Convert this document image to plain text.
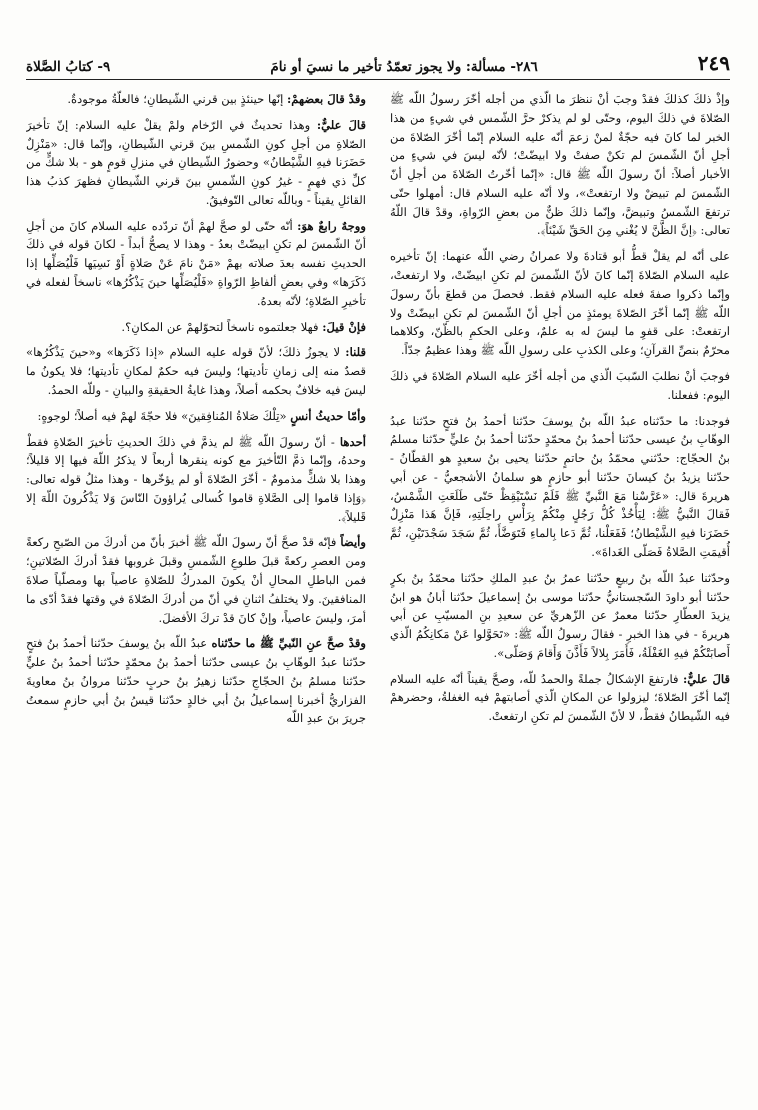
٢٤٩
٢٨٦- مسألة: ولا يجوز تعمّدُ تأخير ما نسيَ أو نامَ
٩- كتابُ الصَّلاة

وإذْ ذلكَ كذلكَ فقدْ وجبَ أنْ ننظرَ ما الّذي من أجله أخّرَ رسولُ اللّه ﷺ الصّلاةَ في ذلكَ اليوم، وحتّى لو لم يذكرْ حرَّ الشّمس في شيءٍ من هذا الخبر لما كانَ فيه حجّةٌ لمنْ زعمَ أنّه عليه السلام إنّما أخّرَ الصّلاةَ من أجلِ أنّ الشّمسَ لم تكنْ صفتْ ولا ابيضّتْ؛ لأنّه ليسَ في شيءٍ من الأخبار أصلاً: أنّ رسولَ اللّه ﷺ قال: «إنّما أخّرتُ الصّلاةَ من أجلِ أنّ الشّمسَ لم تبيضْ ولا ارتفعتْ»، ولا أنّه عليه السلام قال: أمهلوا حتّى ترتفعَ الشّمسُ وتبيضَّ، وإنّما ذلكَ ظنٌّ من بعضِ الرّواةِ، وقدْ قالَ اللّهُ تعالى: ﴿إنَّ الظَّنَّ لا يُغْني مِنَ الحَقِّ شَيْئاً﴾.

على أنّه لم يقلْ قطُّ أبو قتادةَ ولا عمرانُ رضي اللّه عنهما: إنّ تأخيره عليه السلام الصّلاةَ إنّما كانَ لأنّ الشّمسَ لم تكنِ ابيضّتْ، ولا ارتفعتْ، وإنّما ذكروا صفةَ فعله عليه السلام فقط. فحصلَ من قطعَ بأنّ رسولَ اللّه ﷺ إنّما أخّرَ الصّلاةَ يومئذٍ من أجلِ أنّ الشّمسَ لم تكنِ ابيضّتْ ولا ارتفعتْ: على قفوِ ما ليسَ له به علمٌ، وعلى الحكمِ بالظّنّ، وكلاهما محرّمٌ بنصِّ القرآنِ؛ وعلى الكذبِ على رسولِ اللّه ﷺ وهذا عظيمٌ جدّاً.

فوجبَ أنْ نطلبَ السّببَ الّذي من أجله أخّرَ عليه السلام الصّلاةَ في ذلكَ اليوم: ففعلنا.

فوجدنا: ما حدّثناه عبدُ اللّه بنُ يوسفَ حدّثنا أحمدُ بنُ فتحٍ حدّثنا عبدُ الوهّابِ بنُ عيسى حدّثنا أحمدُ بنُ محمّدٍ حدّثنا أحمدُ بنُ عليٍّ حدّثنا مسلمُ بنُ الحجّاج: حدّثني محمّدُ بنُ حاتمٍ حدّثنا يحيى بنُ سعيدٍ هو القطّانُ - حدّثنا يزيدُ بنُ كيسانَ حدّثنا أبو حازمٍ هو سلمانُ الأشجعيُّ - عن أبي هريرةَ قال: «عَرَّسْنا مَعَ النَّبيِّ ﷺ فَلَمْ نَسْتَيْقِظْ حَتّى طَلَعَتِ الشَّمْسُ، فَقالَ النَّبيُّ ﷺ: لِيَأْخُذْ كُلُّ رَجُلٍ مِنْكُمْ بِرَأْسِ راحِلَتِهِ، فَإنَّ هَذا مَنْزِلٌ حَضَرَنا فيهِ الشَّيْطانُ؛ فَفَعَلْنا، ثُمَّ دَعا بِالماءِ فَتَوَضَّأَ، ثُمَّ سَجَدَ سَجْدَتَيْنِ، ثُمَّ أُقيمَتِ الصَّلاةُ فَصَلّى الغَداةَ».

وحدّثنا عبدُ اللّه بنُ ربيعٍ حدّثنا عمرُ بنُ عبدِ الملكِ حدّثنا محمّدُ بنُ بكرٍ حدّثنا أبو داودَ السّجستانيُّ حدّثنا موسى بنُ إسماعيلَ حدّثنا أبانُ هو ابنُ يزيدَ العطّارِ حدّثنا معمرٌ عن الزّهريِّ عن سعيدِ بنِ المسيّبِ عن أبي هريرةَ - في هذا الخبرِ - فقالَ رسولُ اللّه ﷺ: «تَحَوَّلوا عَنْ مَكانِكُمُ الّذي أَصابَتْكُمْ فيهِ الغَفْلَةُ، فَأَمَرَ بِلالاً فَأَذَّنَ وَأَقامَ وَصَلّى».

قالَ عليٌّ: فارتفعَ الإشكالُ جملةً والحمدُ للّه، وصحَّ يقيناً أنّه عليه السلام إنّما أخّرَ الصّلاةَ؛ ليزولوا عن المكانِ الّذي أصابتهمْ فيه الغفلةُ، وحضرهمْ فيه الشّيطانُ فقطْ، لا لأنّ الشّمسَ لم تكنِ ارتفعتْ.

وقدْ قالَ بعضهمْ: إنّها حينئذٍ بين قرني الشّيطانِ؛ فالعلّةُ موجودةٌ.

قالَ عليٌّ: وهذا تحديثٌ في الرّخام ولمْ يقلْ عليه السلام: إنّ تأخيرَ الصّلاةِ من أجلِ كونِ الشّمسِ بينَ قرني الشّيطانِ، وإنّما قال: «مَنْزِلٌ حَضَرَنا فيهِ الشَّيْطانُ» وحضورُ الشّيطانِ في منزلِ قومٍ هو - بلا شكٍّ من كلِّ ذي فهمٍ - غيرُ كونِ الشّمسِ بينَ قرني الشّيطانِ فظهرَ كذبُ هذا القائلِ يقيناً - وباللّه تعالى التّوفيقُ.

ووجهٌ رابعٌ هوَ: أنّه حتّى لو صحَّ لهمْ أنّ تردّده عليه السلام كانَ من أجلِ أنّ الشّمسَ لم تكنِ ابيضّتْ بعدُ - وهذا لا يصحُّ أبداً - لكانَ قوله في ذلكَ الحديثِ نفسه بعدَ صلاته بهمْ «مَنْ نامَ عَنْ صَلاةٍ أَوْ نَسِيَها فَلْيُصَلِّها إذا ذَكَرَها» وفي بعضِ ألفاظِ الرّواةِ «فَلْيُصَلِّها حينَ يَذْكُرُها» ناسخاً لفعله في تأخيرِ الصّلاةِ؛ لأنّه بعدهُ.

فإنْ قيلَ: فهلا جعلتموه ناسخاً لتحوّلهمْ عن المكانِ؟.

قلنا: لا يجوزُ ذلكَ؛ لأنّ قوله عليه السلام «إذا ذَكَرَها» و«حينَ يَذْكُرُها» قصدٌ منه إلى زمانِ تأديتها؛ وليسَ فيه حكمٌ لمكانِ تأديتها؛ فلا يكونُ ما ليسَ فيه خلافٌ بحكمه أصلاً، وهذا غايةُ الحقيقةِ والبيانِ - وللّه الحمدُ.

وأمّا حديثُ أنسٍ «تِلْكَ صَلاةُ المُنافِقينَ» فلا حجّةَ لهمْ فيه أصلاً؛ لوجوهٍ:

أحدها - أنّ رسولَ اللّه ﷺ لم يذمَّ في ذلكَ الحديثِ تأخيرَ الصّلاةِ فقطْ وحدهُ، وإنّما ذمَّ التّأخيرَ مع كونه ينقرها أربعاً لا يذكرُ اللّهَ فيها إلا قليلاً؛ وهذا بلا شكٍّ مذمومٌ - أخّرَ الصّلاةَ أو لم يؤخّرها - وهذا مثلُ قوله تعالى: ﴿وَإذا قاموا إلى الصَّلاةِ قاموا كُسالى يُراؤونَ النّاسَ وَلا يَذْكُرونَ اللّهَ إلا قَليلاً﴾.

وأيضاً فإنّه قدْ صحَّ أنّ رسولَ اللّه ﷺ أخبرَ بأنّ من أدركَ من الصّبحِ ركعةً ومن العصرِ ركعةً قبلَ طلوعِ الشّمسِ وقبلَ غروبها فقدْ أدركَ الصّلاتينِ؛ فمن الباطلِ المحالِ أنْ يكونَ المدركُ للصّلاةِ عاصياً بها ومصلّياً صلاةَ المنافقينَ. ولا يختلفُ اثنانِ في أنّ من أدركَ الصّلاةَ في وقتها فقدْ أدّى ما أمرَ، وليسَ عاصياً، وإنْ كانَ قدْ تركَ الأفضلَ.

وقدْ صحَّ عنِ النّبيِّ ﷺ ما حدّثناه عبدُ اللّه بنُ يوسفَ حدّثنا أحمدُ بنُ فتحٍ حدّثنا عبدُ الوهّابِ بنُ عيسى حدّثنا أحمدُ بنُ محمّدٍ حدّثنا أحمدُ بنُ عليٍّ حدّثنا مسلمُ بنُ الحجّاجِ حدّثنا زهيرُ بنُ حربٍ حدّثنا مروانُ بنُ معاويةَ الفزاريُّ أخبرنا إسماعيلُ بنُ أبي خالدٍ حدّثنا قيسُ بنُ أبي حازمٍ سمعتُ جريرَ بنَ عبدِ اللّه
